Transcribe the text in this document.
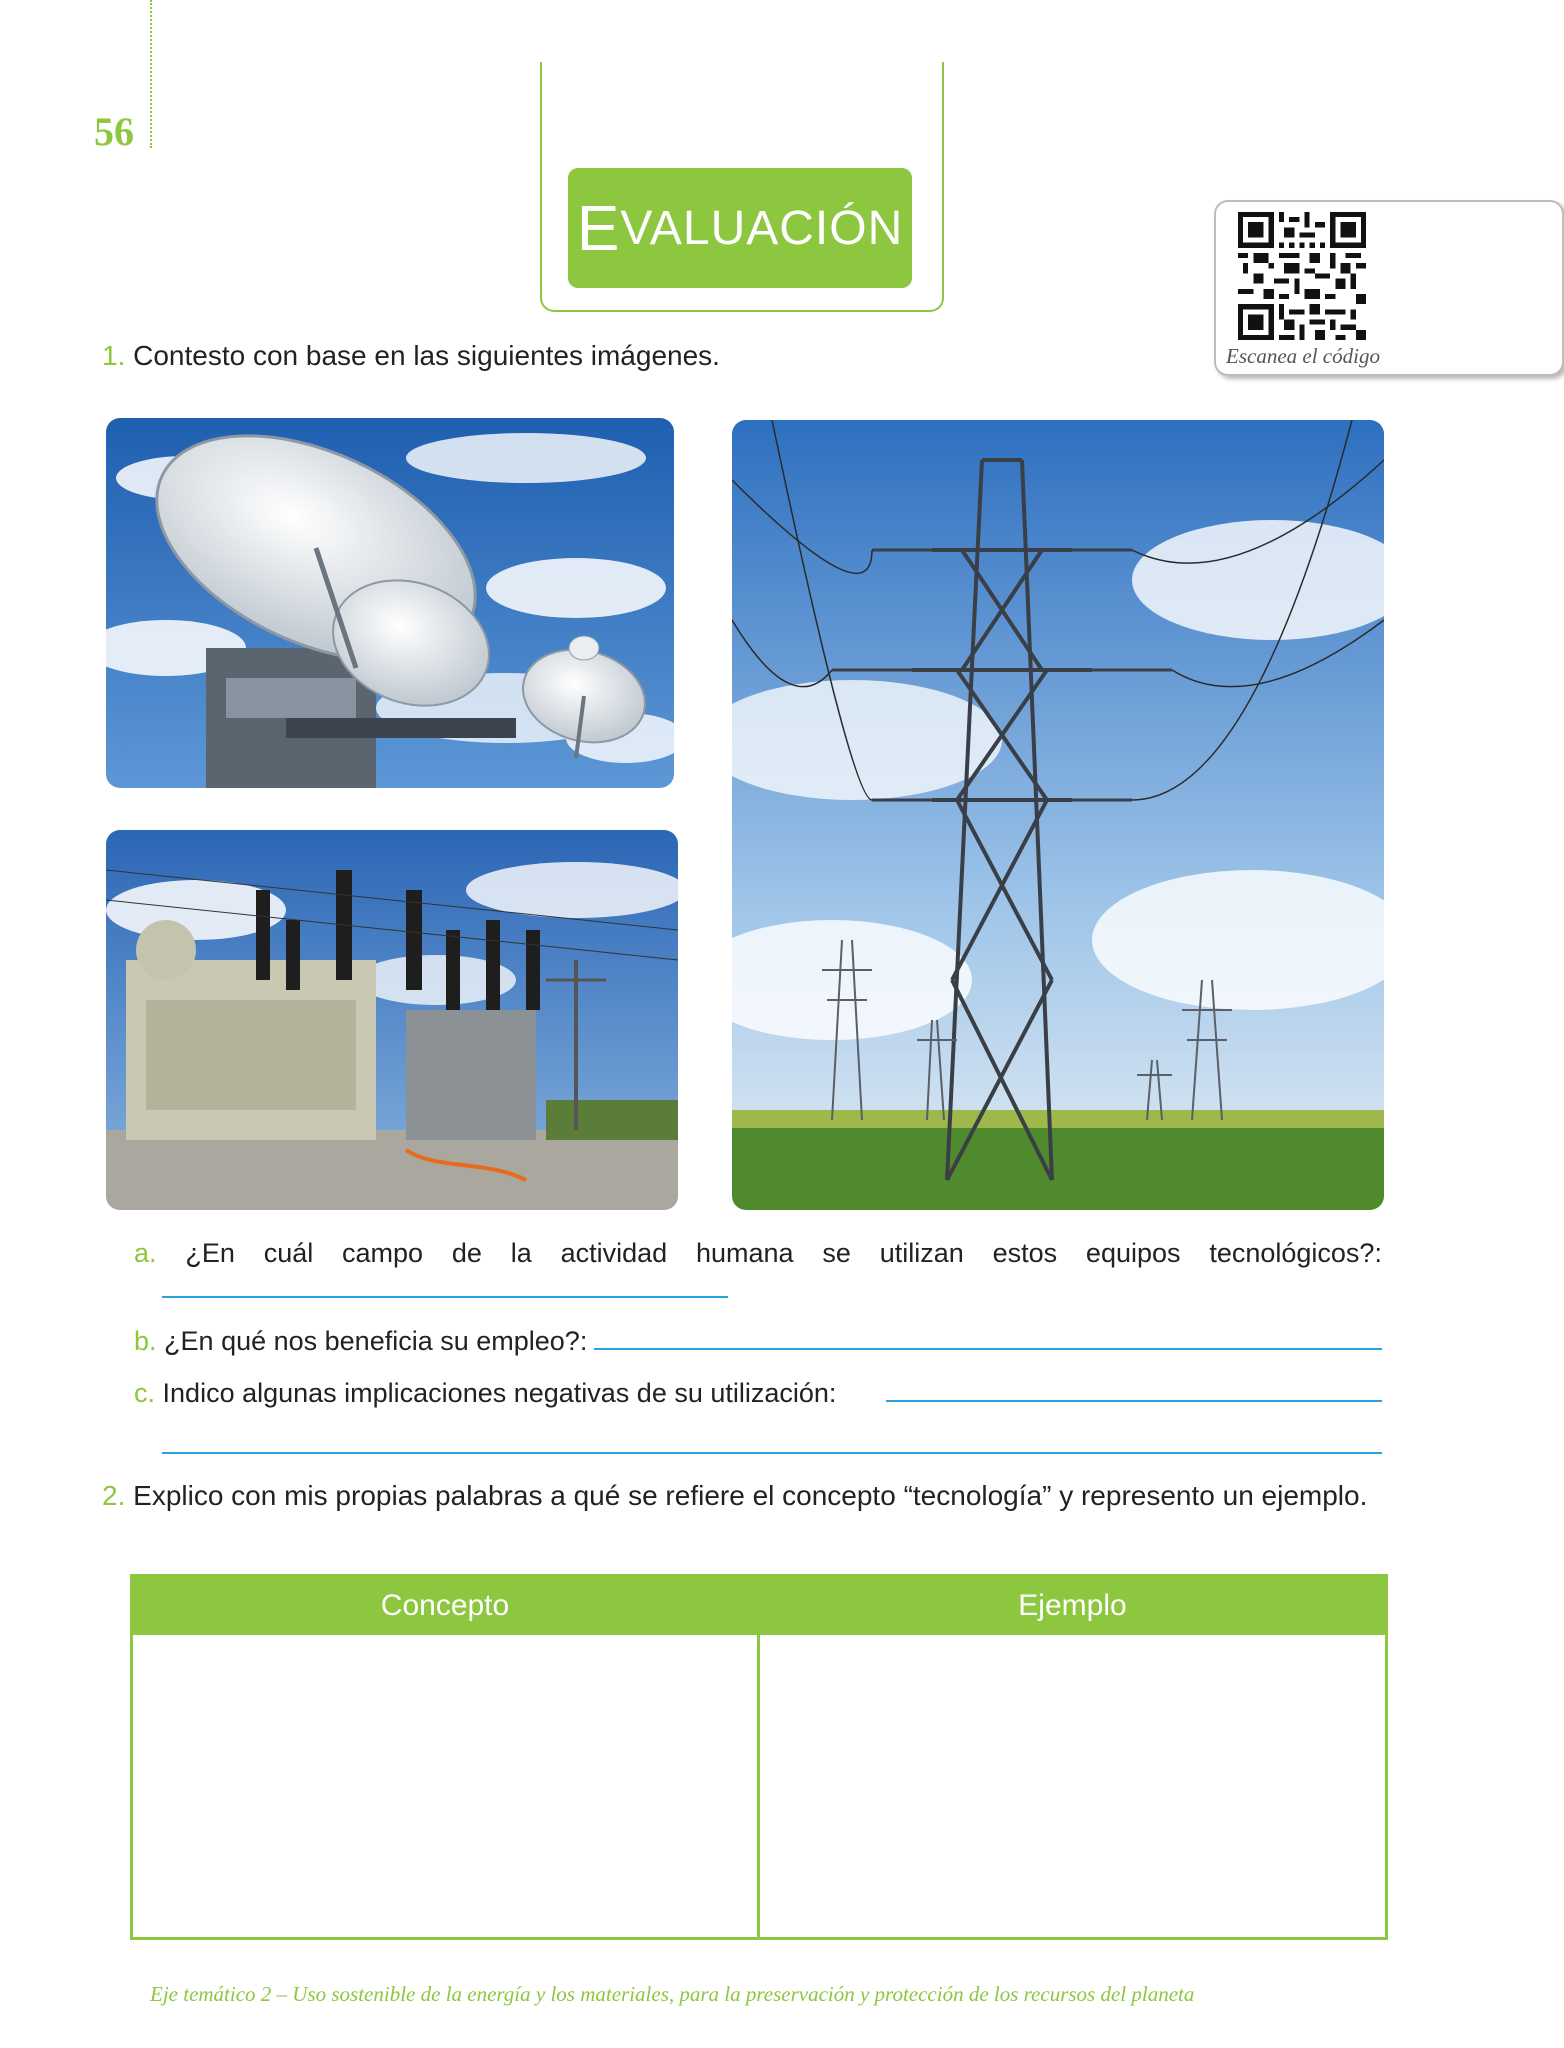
56
E VALUACIÓN
Escanea el código
1. Contesto con base en las siguientes imágenes.
a. ¿En cuál campo de la actividad humana se utilizan estos equipos tecnológicos?:
b. ¿En qué nos beneficia su empleo?:
c. Indico algunas implicaciones negativas de su utilización:
2. Explico con mis propias palabras a qué se refiere el concepto “tecnología” y represento un ejemplo.
Concepto	Ejemplo
Eje temático 2 – Uso sostenible de la energía y los materiales, para la preservación y protección de los recursos del planeta
